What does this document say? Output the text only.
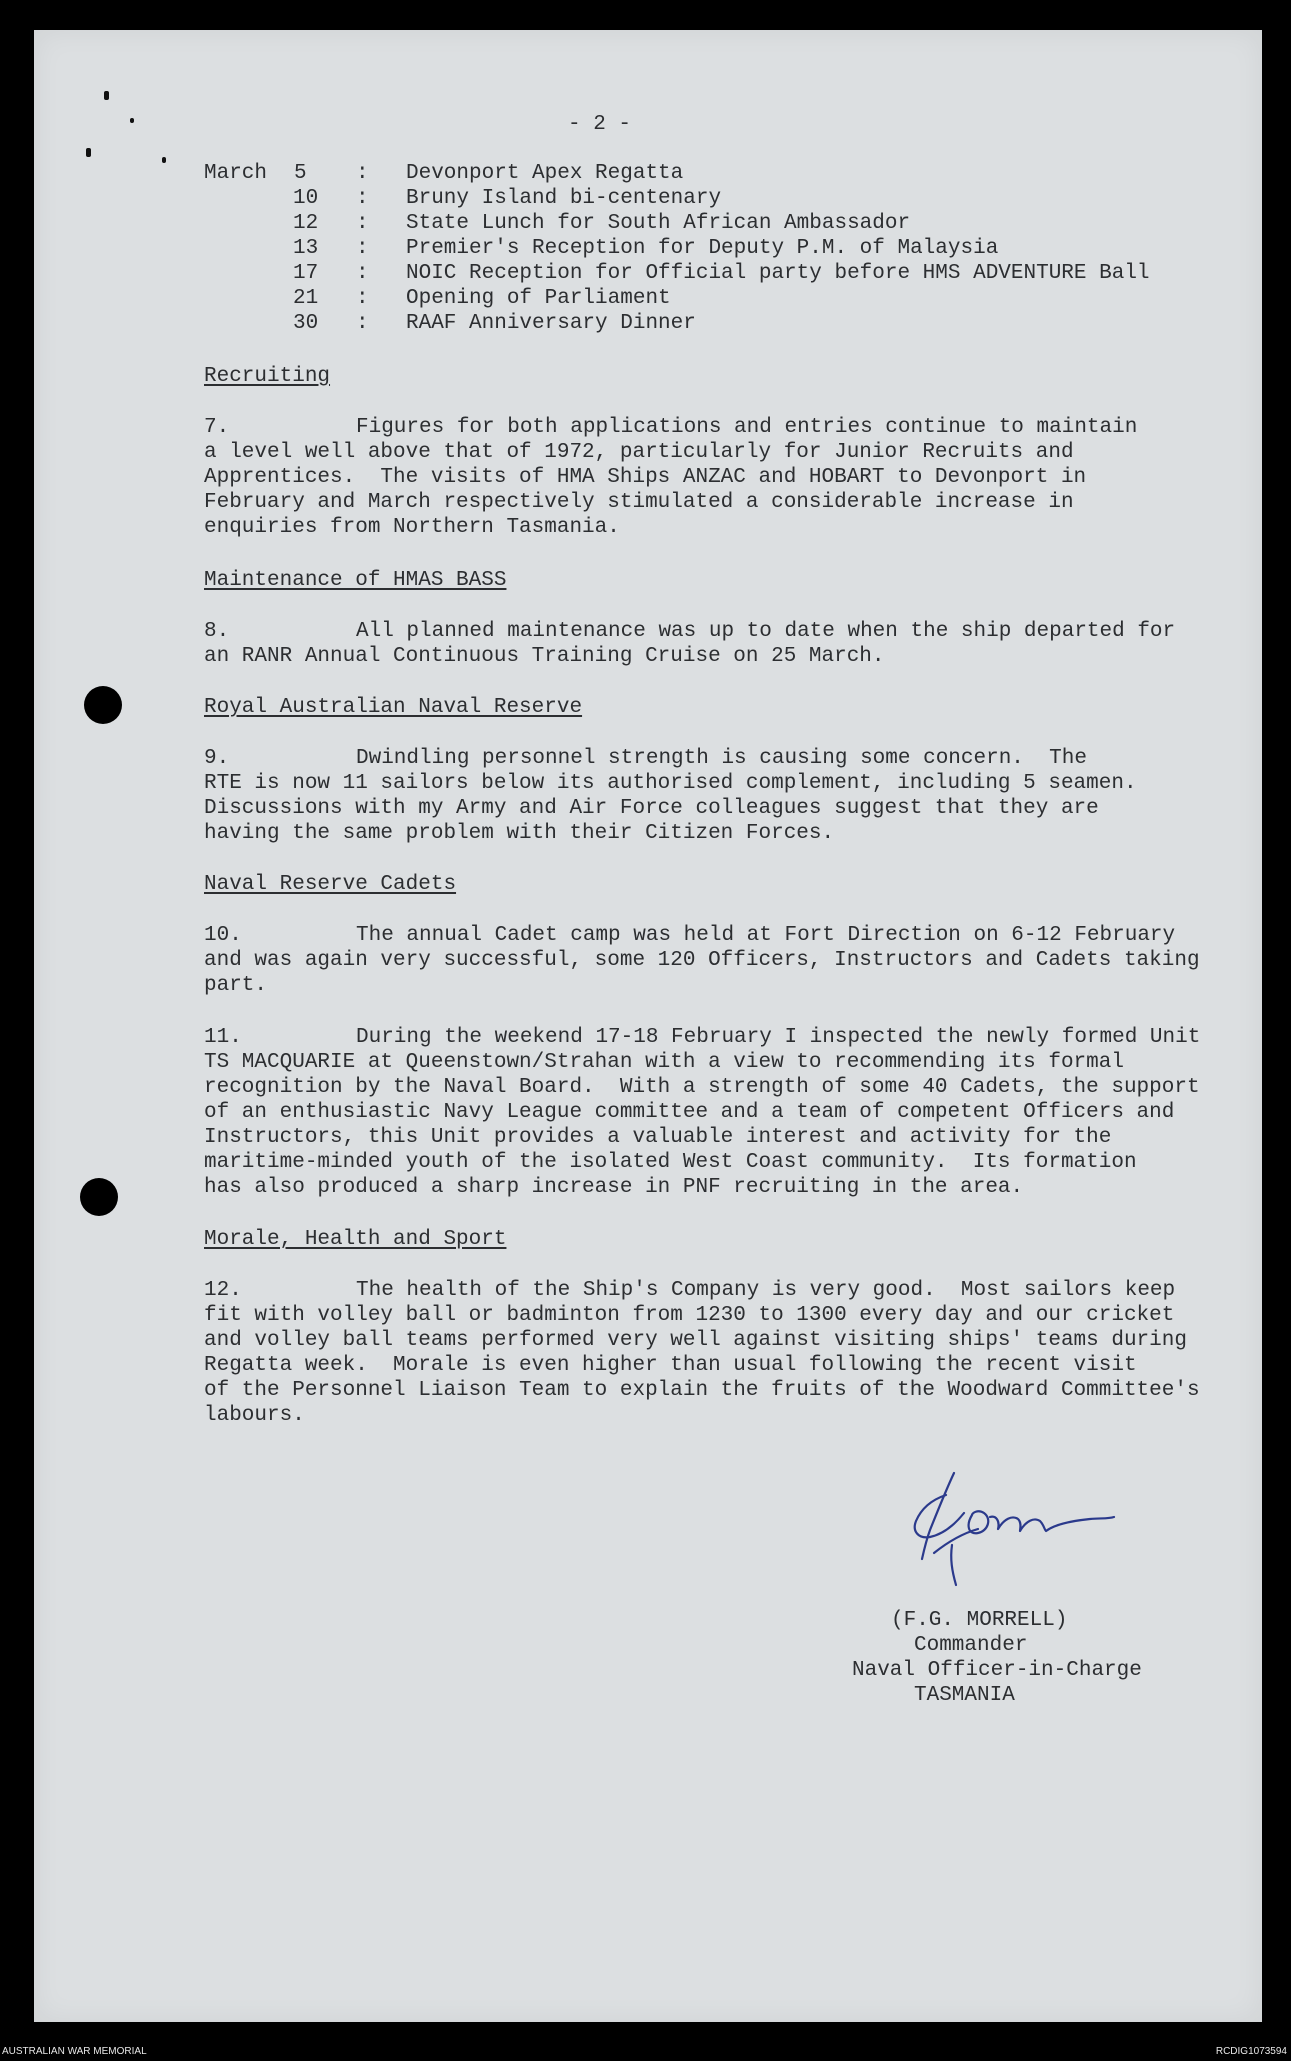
- 2 -
March 5 : Devonport Apex Regatta
10 : Bruny Island bi-centenary
12 : State Lunch for South African Ambassador
13 : Premier's Reception for Deputy P.M. of Malaysia
17 : NOIC Reception for Official party before HMS ADVENTURE Ball
21 : Opening of Parliament
30 : RAAF Anniversary Dinner
Recruiting
7.	Figures for both applications and entries continue to maintain
a level well above that of 1972, particularly for Junior Recruits and
Apprentices.  The visits of HMA Ships ANZAC and HOBART to Devonport in
February and March respectively stimulated a considerable increase in
enquiries from Northern Tasmania.
Maintenance of HMAS BASS
8.	All planned maintenance was up to date when the ship departed for
an RANR Annual Continuous Training Cruise on 25 March.
Royal Australian Naval Reserve
9.	Dwindling personnel strength is causing some concern.  The
RTE is now 11 sailors below its authorised complement, including 5 seamen.
Discussions with my Army and Air Force colleagues suggest that they are
having the same problem with their Citizen Forces.
Naval Reserve Cadets
10.	The annual Cadet camp was held at Fort Direction on 6-12 February
and was again very successful, some 120 Officers, Instructors and Cadets taking
part.
11.	During the weekend 17-18 February I inspected the newly formed Unit
TS MACQUARIE at Queenstown/Strahan with a view to recommending its formal
recognition by the Naval Board.  With a strength of some 40 Cadets, the support
of an enthusiastic Navy League committee and a team of competent Officers and
Instructors, this Unit provides a valuable interest and activity for the
maritime-minded youth of the isolated West Coast community.  Its formation
has also produced a sharp increase in PNF recruiting in the area.
Morale, Health and Sport
12.	The health of the Ship's Company is very good.  Most sailors keep
fit with volley ball or badminton from 1230 to 1300 every day and our cricket
and volley ball teams performed very well against visiting ships' teams during
Regatta week.  Morale is even higher than usual following the recent visit
of the Personnel Liaison Team to explain the fruits of the Woodward Committee's
labours.
(F.G. MORRELL)
Commander
Naval Officer-in-Charge
TASMANIA
AUSTRALIAN WAR MEMORIAL	RCDIG1073594
